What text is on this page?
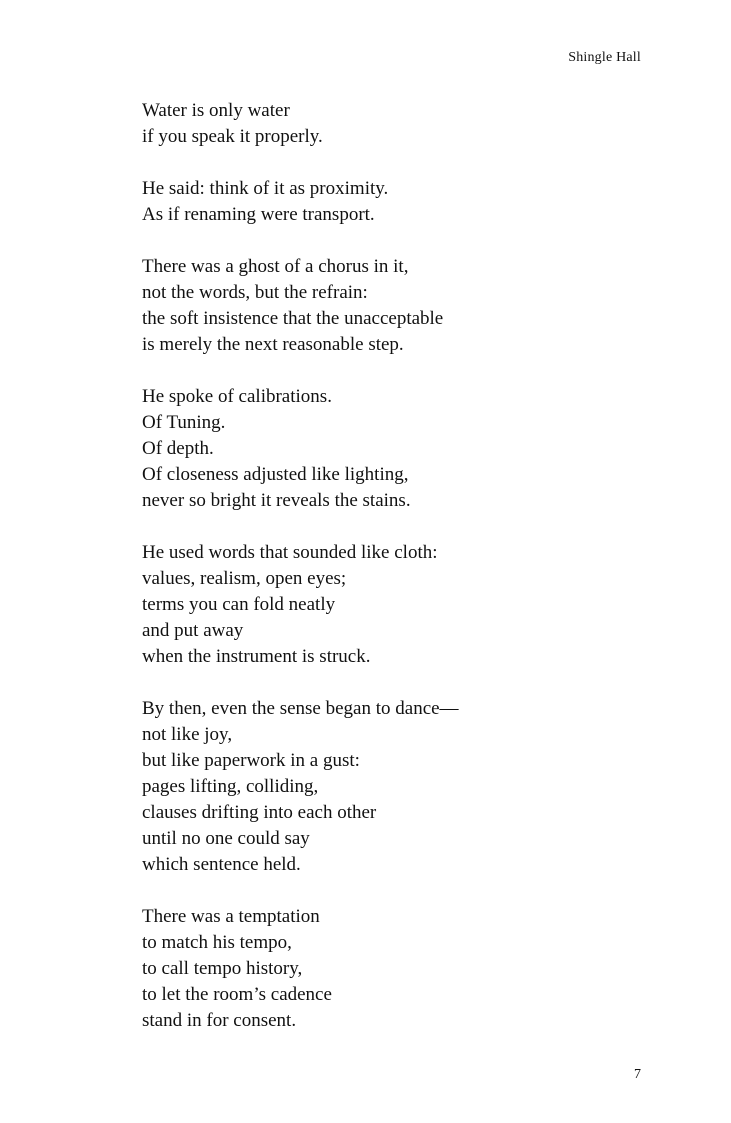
Shingle Hall
Water is only water
if you speak it properly.
He said: think of it as proximity.
As if renaming were transport.
There was a ghost of a chorus in it,
not the words, but the refrain:
the soft insistence that the unacceptable
is merely the next reasonable step.
He spoke of calibrations.
Of Tuning.
Of depth.
Of closeness adjusted like lighting,
never so bright it reveals the stains.
He used words that sounded like cloth:
values, realism, open eyes;
terms you can fold neatly
and put away
when the instrument is struck.
By then, even the sense began to dance—
not like joy,
but like paperwork in a gust:
pages lifting, colliding,
clauses drifting into each other
until no one could say
which sentence held.
There was a temptation
to match his tempo,
to call tempo history,
to let the room’s cadence
stand in for consent.
7
